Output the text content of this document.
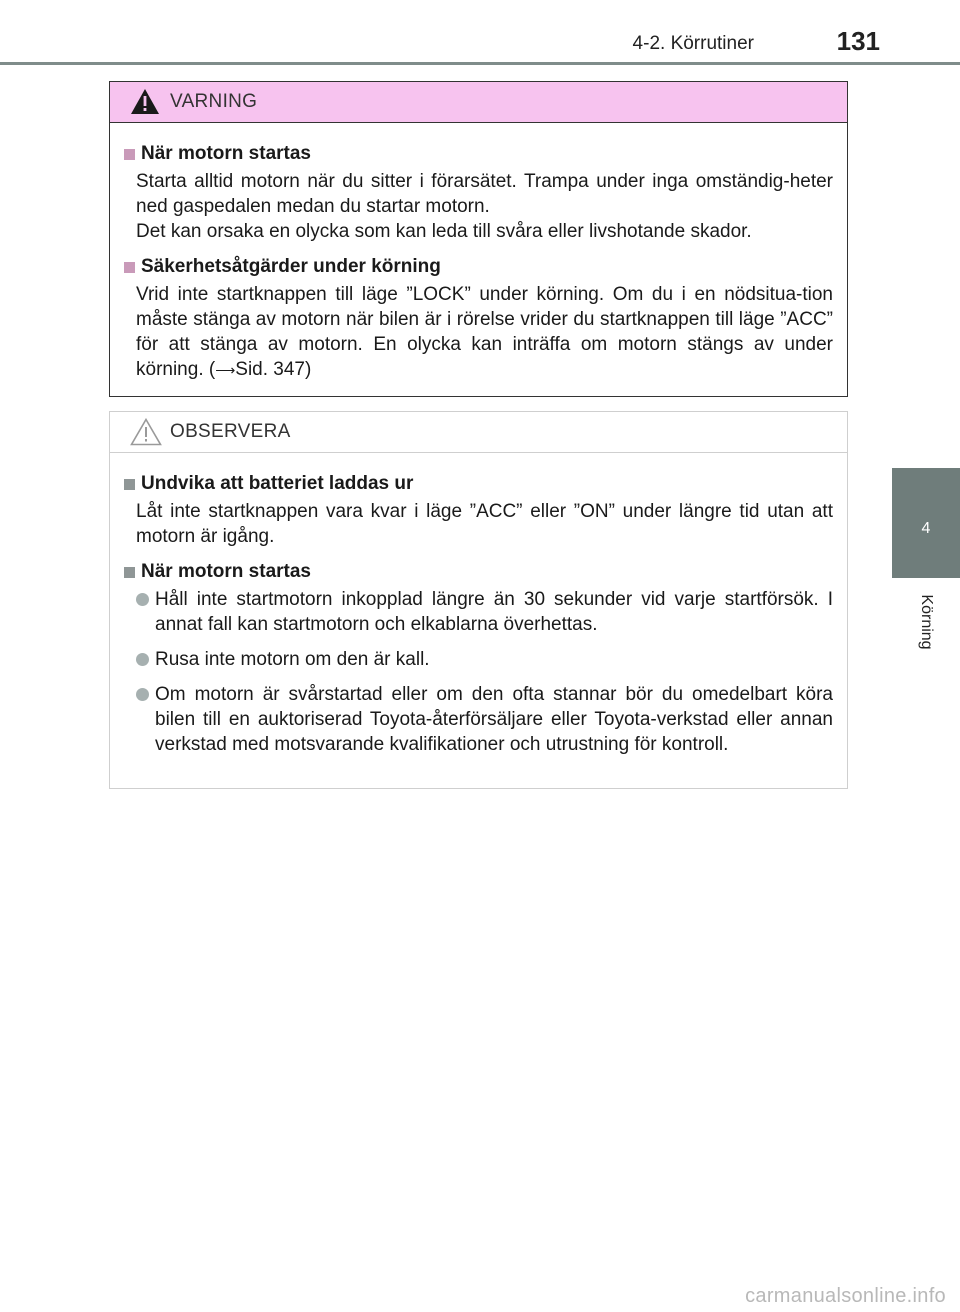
4-2. Körrutiner	131
4
Körning
VARNING
När motorn startas

Starta alltid motorn när du sitter i förarsätet. Trampa under inga omständig-heter ned gaspedalen medan du startar motorn.

Det kan orsaka en olycka som kan leda till svåra eller livshotande skador.

Säkerhetsåtgärder under körning
Vrid inte startknappen till läge ”LOCK” under körning. Om du i en nödsitua-tion måste stänga av motorn när bilen är i rörelse vrider du startknappen till läge ”ACC” för att stänga av motorn. En olycka kan inträffa om motorn stängs av under körning. (⟶Sid. 347)
OBSERVERA
Undvika att batteriet laddas ur
Låt inte startknappen vara kvar i läge ”ACC” eller ”ON” under längre tid utan att motorn är igång.
När motorn startas
Håll inte startmotorn inkopplad längre än 30 sekunder vid varje startförsök. I annat fall kan startmotorn och elkablarna överhettas.
Rusa inte motorn om den är kall.
Om motorn är svårstartad eller om den ofta stannar bör du omedelbart köra bilen till en auktoriserad Toyota-återförsäljare eller Toyota-verkstad eller annan verkstad med motsvarande kvalifikationer och utrustning för kontroll.
carmanualsonline.info
